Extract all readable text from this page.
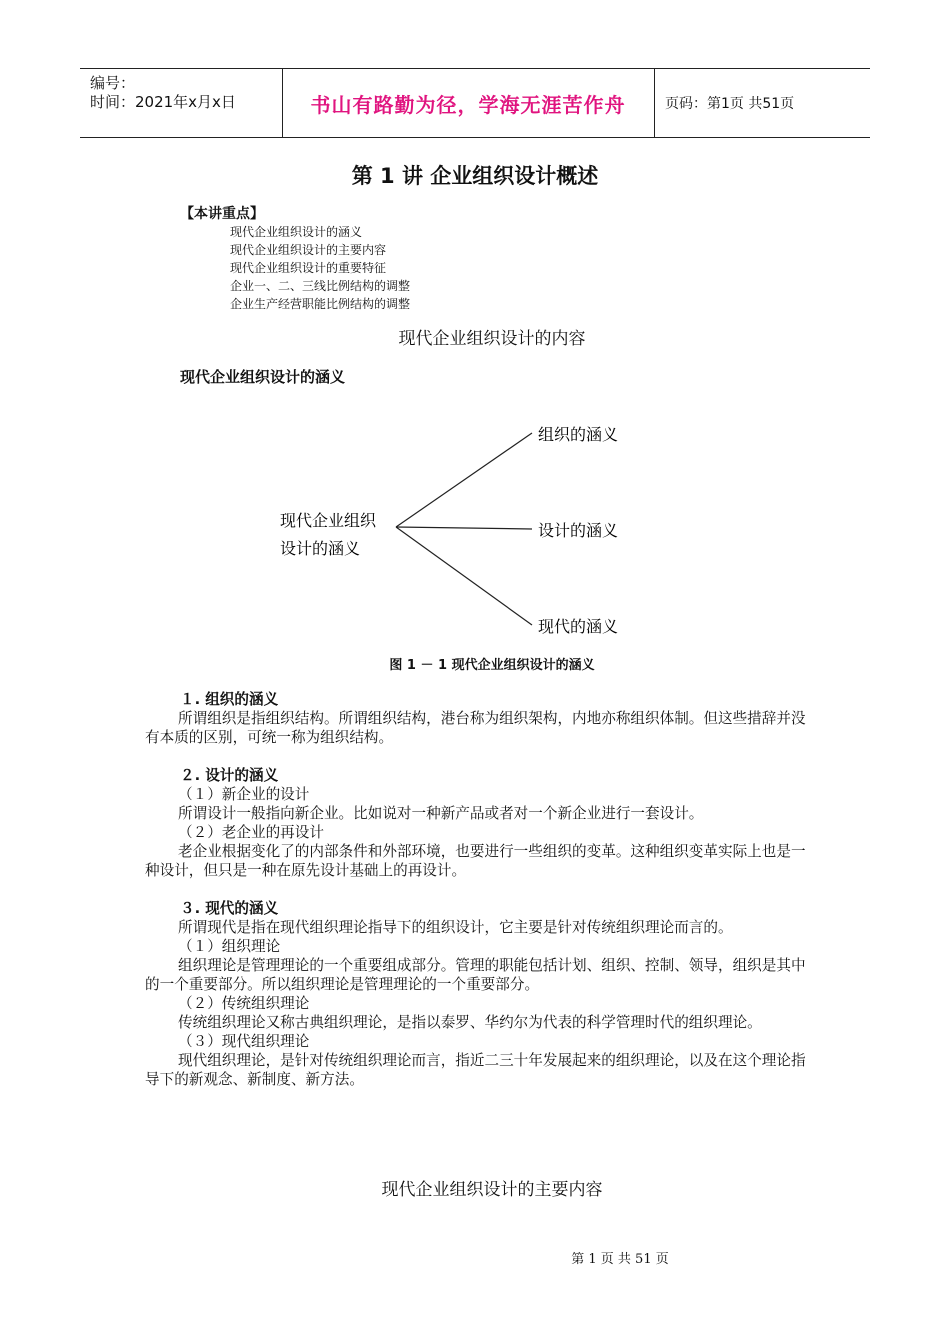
编号：
时间：2021年x月x日	书山有路勤为径，学海无涯苦作舟	页码：第1页 共51页
第 1 讲 企业组织设计概述
【本讲重点】
现代企业组织设计的涵义
现代企业组织设计的主要内容
现代企业组织设计的重要特征
企业一、二、三线比例结构的调整
企业生产经营职能比例结构的调整
现代企业组织设计的内容
现代企业组织设计的涵义
现代企业组织
设计的涵义
组织的涵义
设计的涵义
现代的涵义
图 1 － 1 现代企业组织设计的涵义
１. 组织的涵义

所谓组织是指组织结构。所谓组织结构，港台称为组织架构，内地亦称组织体制。但这些措辞并没有本质的区别，可统一称为组织结构。

２. 设计的涵义
（１）新企业的设计

所谓设计一般指向新企业。比如说对一种新产品或者对一个新企业进行一套设计。

（２）老企业的再设计

老企业根据变化了的内部条件和外部环境，也要进行一些组织的变革。这种组织变革实际上也是一种设计，但只是一种在原先设计基础上的再设计。

３. 现代的涵义

所谓现代是指在现代组织理论指导下的组织设计，它主要是针对传统组织理论而言的。

（１）组织理论

组织理论是管理理论的一个重要组成部分。管理的职能包括计划、组织、控制、领导，组织是其中的一个重要部分。所以组织理论是管理理论的一个重要部分。

（２）传统组织理论

传统组织理论又称古典组织理论，是指以泰罗、华约尔为代表的科学管理时代的组织理论。

（３）现代组织理论

现代组织理论，是针对传统组织理论而言，指近二三十年发展起来的组织理论，以及在这个理论指导下的新观念、新制度、新方法。

现代企业组织设计的主要内容
第 1 页 共 51 页
